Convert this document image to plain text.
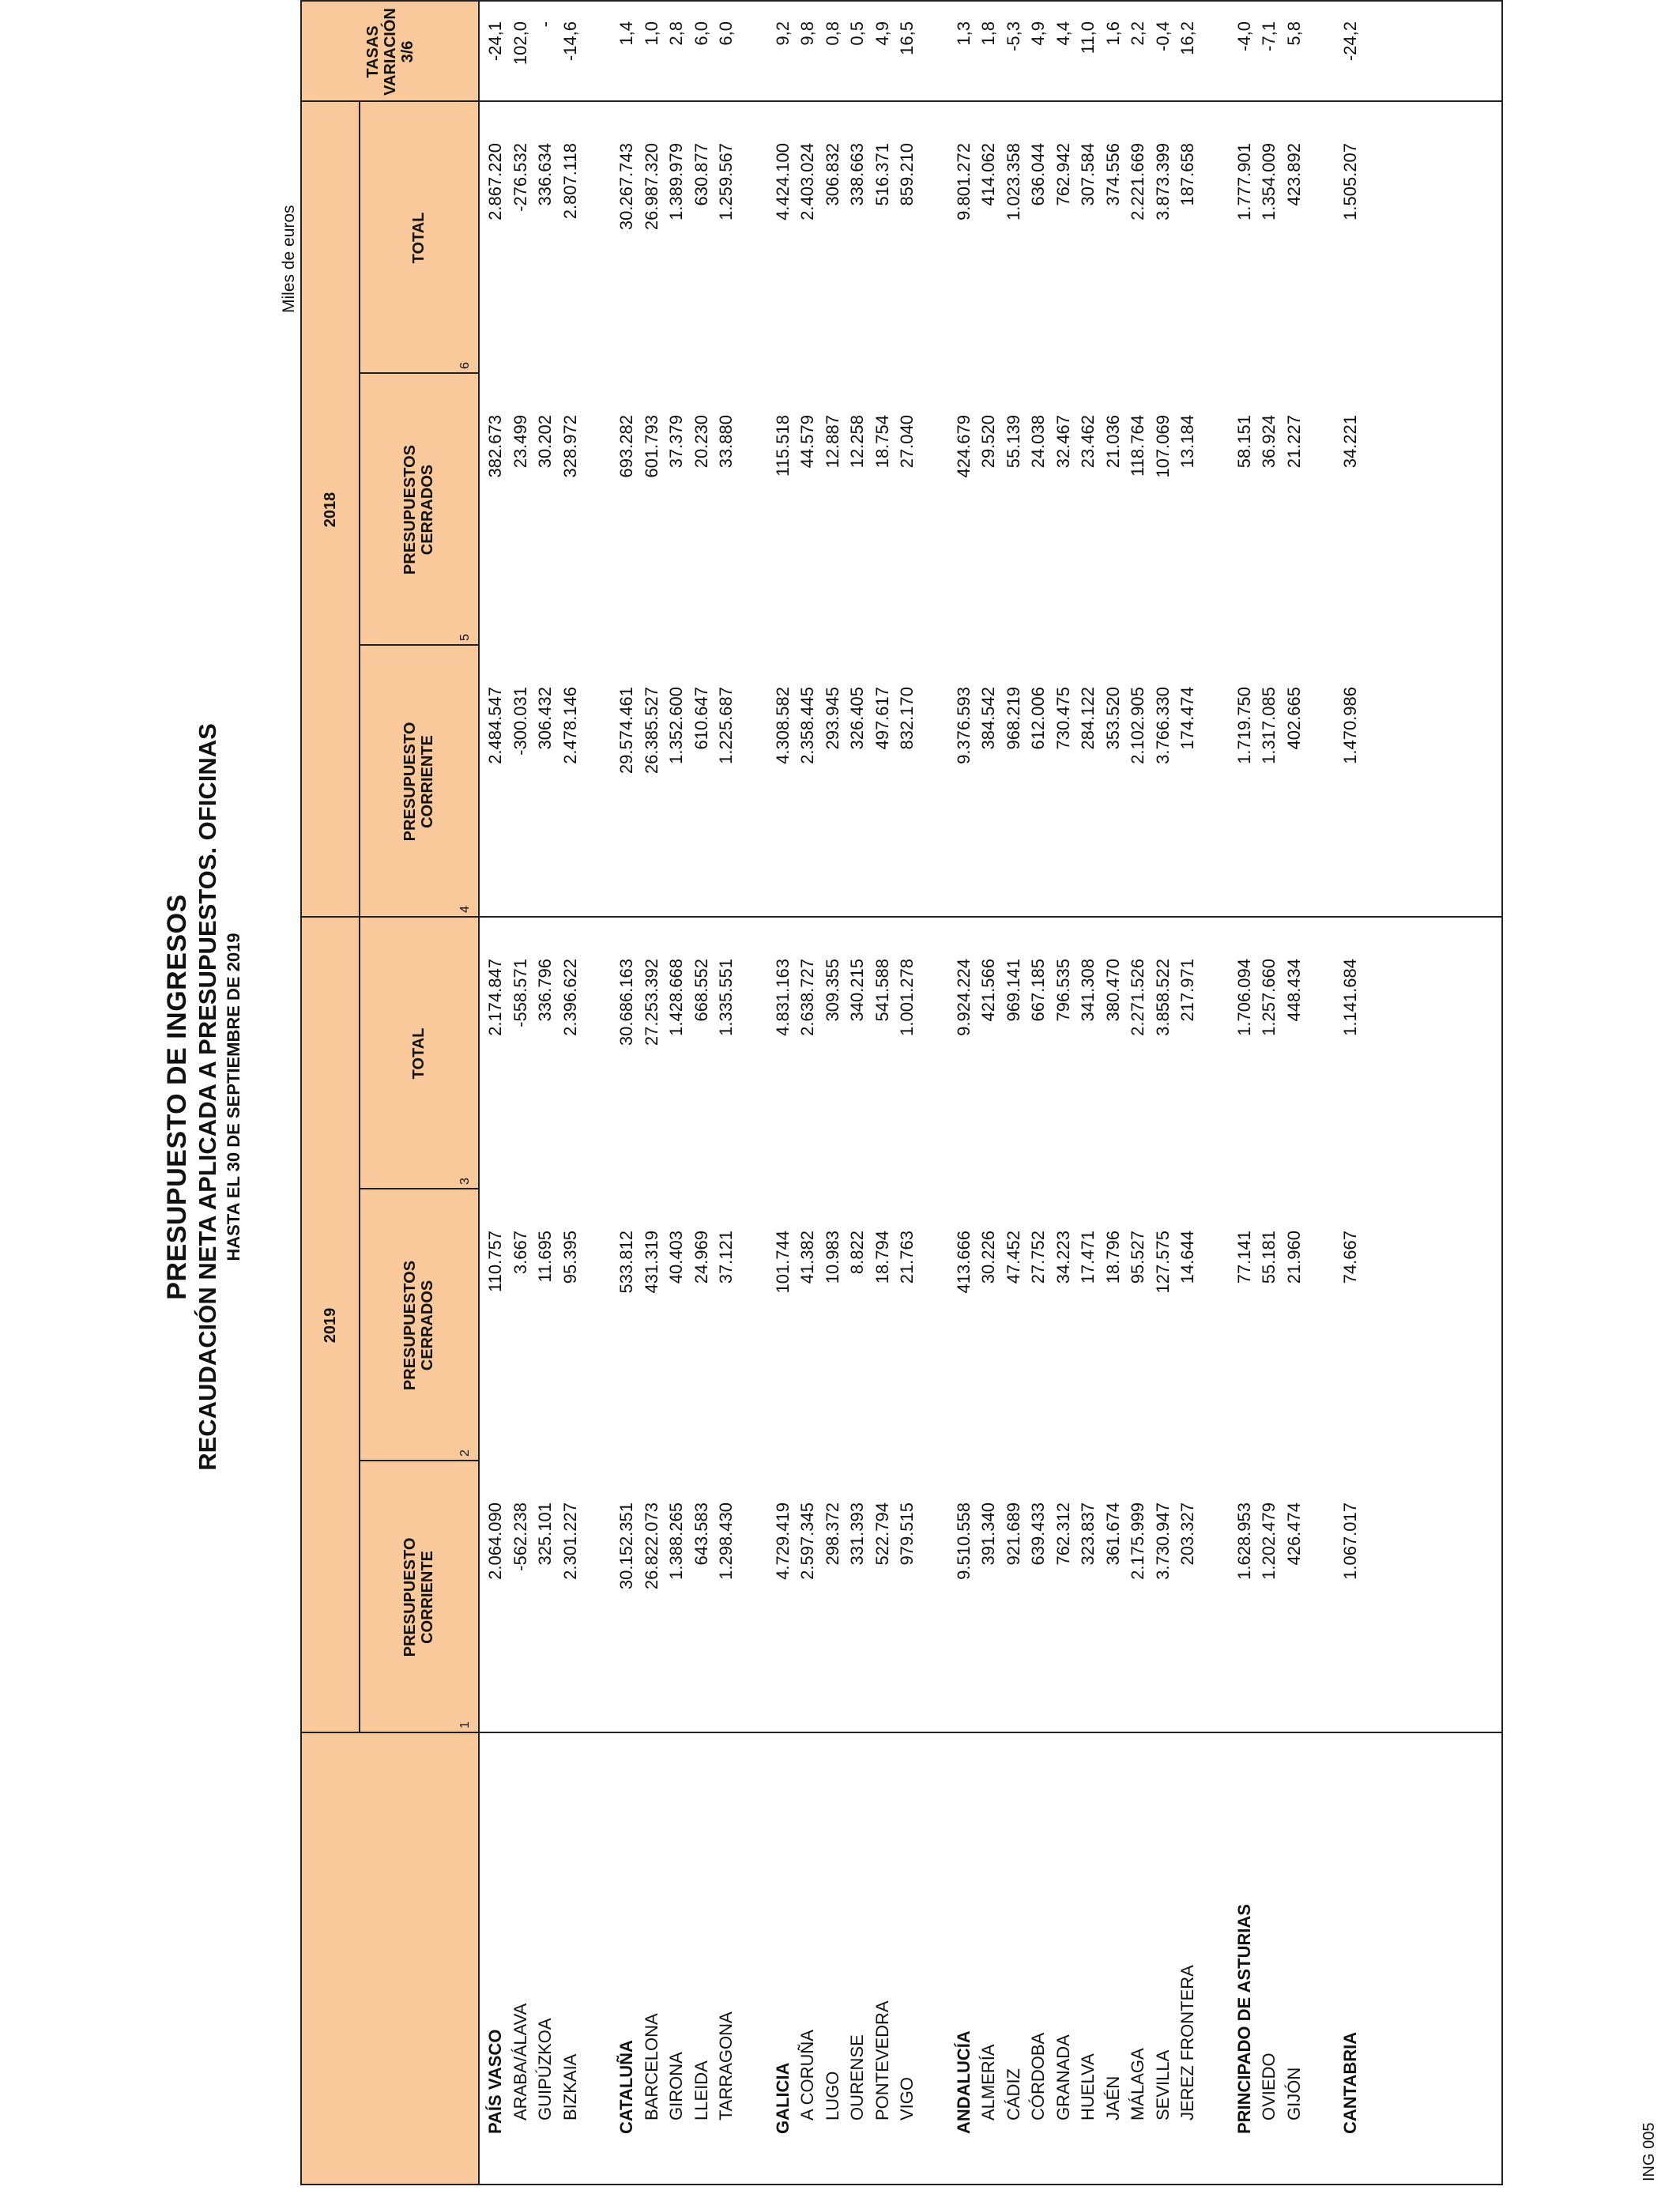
PRESUPUESTO DE INGRESOS RECAUDACIÓN NETA APLICADA A PRESUPUESTOS. OFICINAS HASTA EL 30 DE SEPTIEMBRE DE 2019
Miles de euros
ING 005
2019
2018
PRESUPUESTO
CORRIENTE
PRESUPUESTOS
CERRADOS
TOTAL
PRESUPUESTO
CORRIENTE
PRESUPUESTOS
CERRADOS
TOTAL
TASAS
VARIACIÓN
3/6
1
2
3
4
5
6
PAÍS VASCO
2.064.090
110.757
2.174.847
2.484.547
382.673
2.867.220
-24,1
ARABA/ÁLAVA
-562.238
3.667
-558.571
-300.031
23.499
-276.532
102,0
GUIPÚZKOA
325.101
11.695
336.796
306.432
30.202
336.634
-
BIZKAIA
2.301.227
95.395
2.396.622
2.478.146
328.972
2.807.118
-14,6
CATALUÑA
30.152.351
533.812
30.686.163
29.574.461
693.282
30.267.743
1,4
BARCELONA
26.822.073
431.319
27.253.392
26.385.527
601.793
26.987.320
1,0
GIRONA
1.388.265
40.403
1.428.668
1.352.600
37.379
1.389.979
2,8
LLEIDA
643.583
24.969
668.552
610.647
20.230
630.877
6,0
TARRAGONA
1.298.430
37.121
1.335.551
1.225.687
33.880
1.259.567
6,0
GALICIA
4.729.419
101.744
4.831.163
4.308.582
115.518
4.424.100
9,2
A CORUÑA
2.597.345
41.382
2.638.727
2.358.445
44.579
2.403.024
9,8
LUGO
298.372
10.983
309.355
293.945
12.887
306.832
0,8
OURENSE
331.393
8.822
340.215
326.405
12.258
338.663
0,5
PONTEVEDRA
522.794
18.794
541.588
497.617
18.754
516.371
4,9
VIGO
979.515
21.763
1.001.278
832.170
27.040
859.210
16,5
ANDALUCÍA
9.510.558
413.666
9.924.224
9.376.593
424.679
9.801.272
1,3
ALMERÍA
391.340
30.226
421.566
384.542
29.520
414.062
1,8
CÁDIZ
921.689
47.452
969.141
968.219
55.139
1.023.358
-5,3
CÓRDOBA
639.433
27.752
667.185
612.006
24.038
636.044
4,9
GRANADA
762.312
34.223
796.535
730.475
32.467
762.942
4,4
HUELVA
323.837
17.471
341.308
284.122
23.462
307.584
11,0
JAÉN
361.674
18.796
380.470
353.520
21.036
374.556
1,6
MÁLAGA
2.175.999
95.527
2.271.526
2.102.905
118.764
2.221.669
2,2
SEVILLA
3.730.947
127.575
3.858.522
3.766.330
107.069
3.873.399
-0,4
JEREZ FRONTERA
203.327
14.644
217.971
174.474
13.184
187.658
16,2
PRINCIPADO DE ASTURIAS
1.628.953
77.141
1.706.094
1.719.750
58.151
1.777.901
-4,0
OVIEDO
1.202.479
55.181
1.257.660
1.317.085
36.924
1.354.009
-7,1
GIJÓN
426.474
21.960
448.434
402.665
21.227
423.892
5,8
CANTABRIA
1.067.017
74.667
1.141.684
1.470.986
34.221
1.505.207
-24,2
